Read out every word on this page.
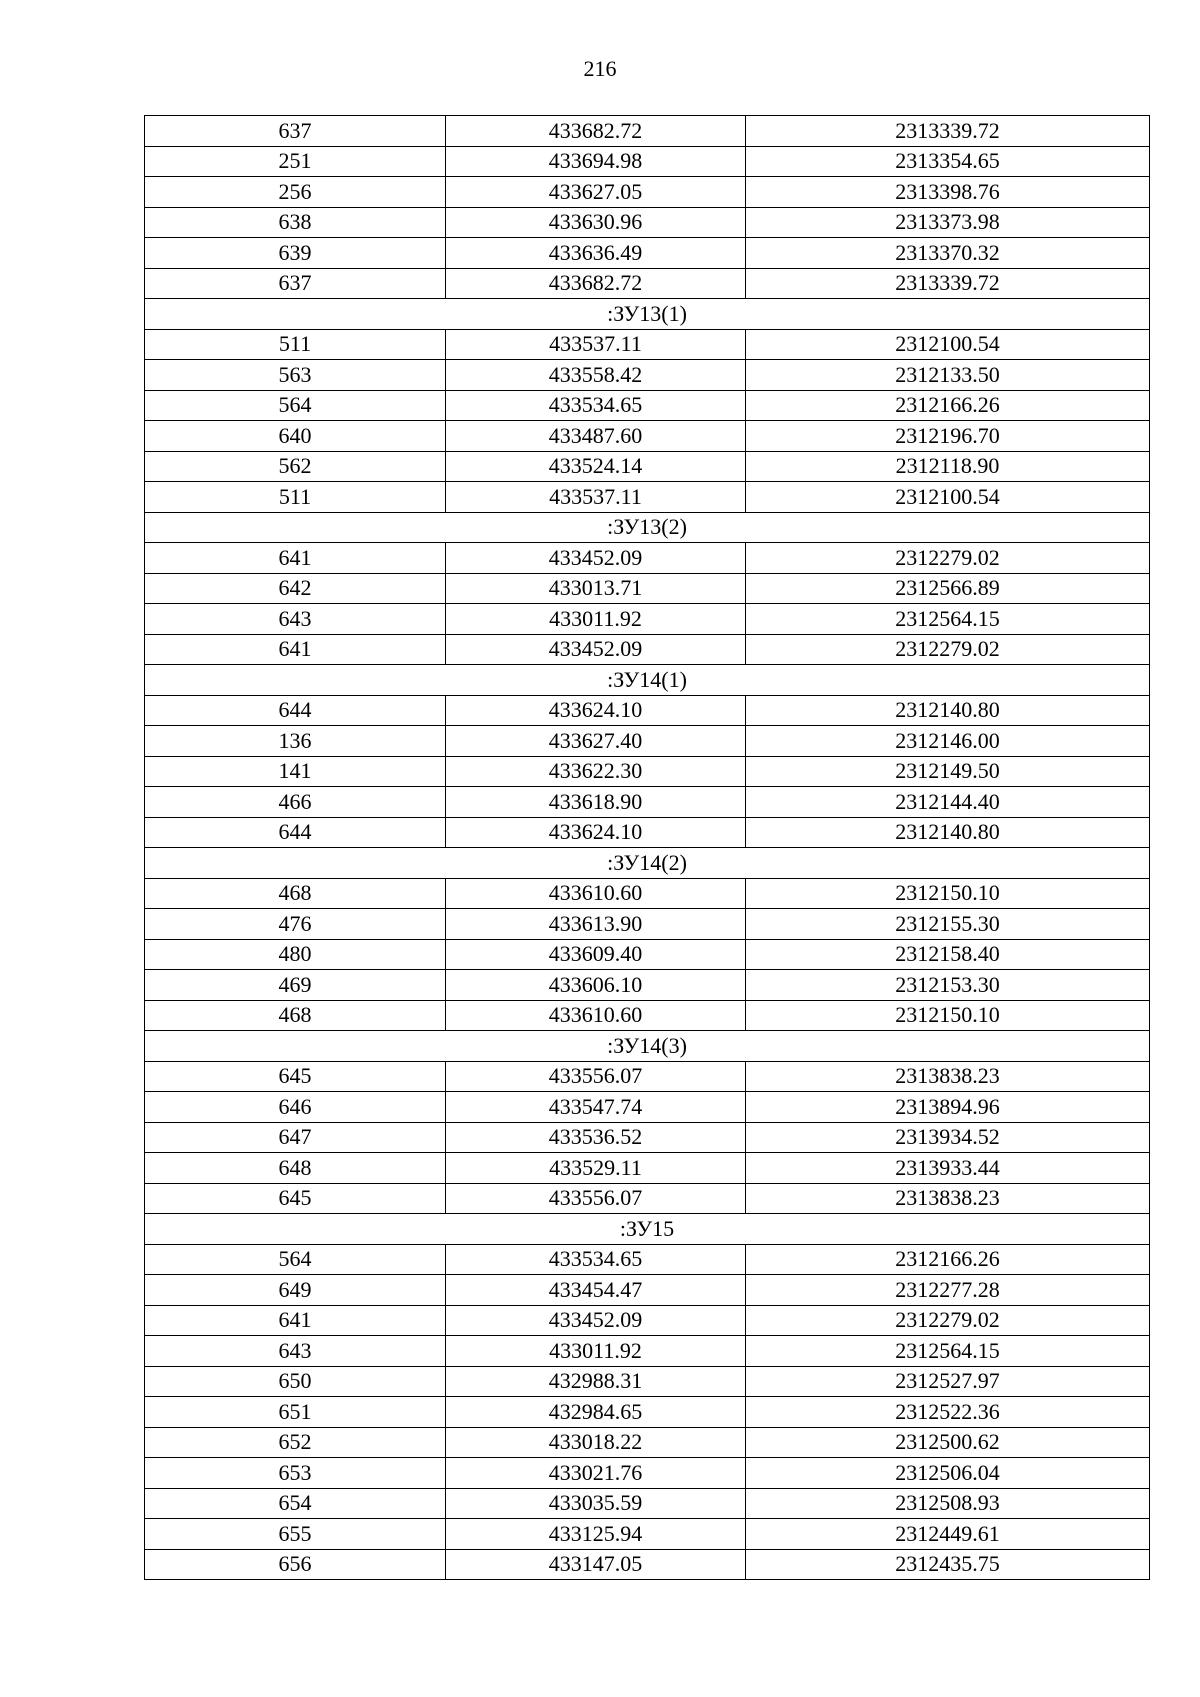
216
637	433682.72	2313339.72
251	433694.98	2313354.65
256	433627.05	2313398.76
638	433630.96	2313373.98
639	433636.49	2313370.32
637	433682.72	2313339.72
:ЗУ13(1)		
511	433537.11	2312100.54
563	433558.42	2312133.50
564	433534.65	2312166.26
640	433487.60	2312196.70
562	433524.14	2312118.90
511	433537.11	2312100.54
:ЗУ13(2)		
641	433452.09	2312279.02
642	433013.71	2312566.89
643	433011.92	2312564.15
641	433452.09	2312279.02
:ЗУ14(1)		
644	433624.10	2312140.80
136	433627.40	2312146.00
141	433622.30	2312149.50
466	433618.90	2312144.40
644	433624.10	2312140.80
:ЗУ14(2)		
468	433610.60	2312150.10
476	433613.90	2312155.30
480	433609.40	2312158.40
469	433606.10	2312153.30
468	433610.60	2312150.10
:ЗУ14(3)		
645	433556.07	2313838.23
646	433547.74	2313894.96
647	433536.52	2313934.52
648	433529.11	2313933.44
645	433556.07	2313838.23
:ЗУ15		
564	433534.65	2312166.26
649	433454.47	2312277.28
641	433452.09	2312279.02
643	433011.92	2312564.15
650	432988.31	2312527.97
651	432984.65	2312522.36
652	433018.22	2312500.62
653	433021.76	2312506.04
654	433035.59	2312508.93
655	433125.94	2312449.61
656	433147.05	2312435.75
